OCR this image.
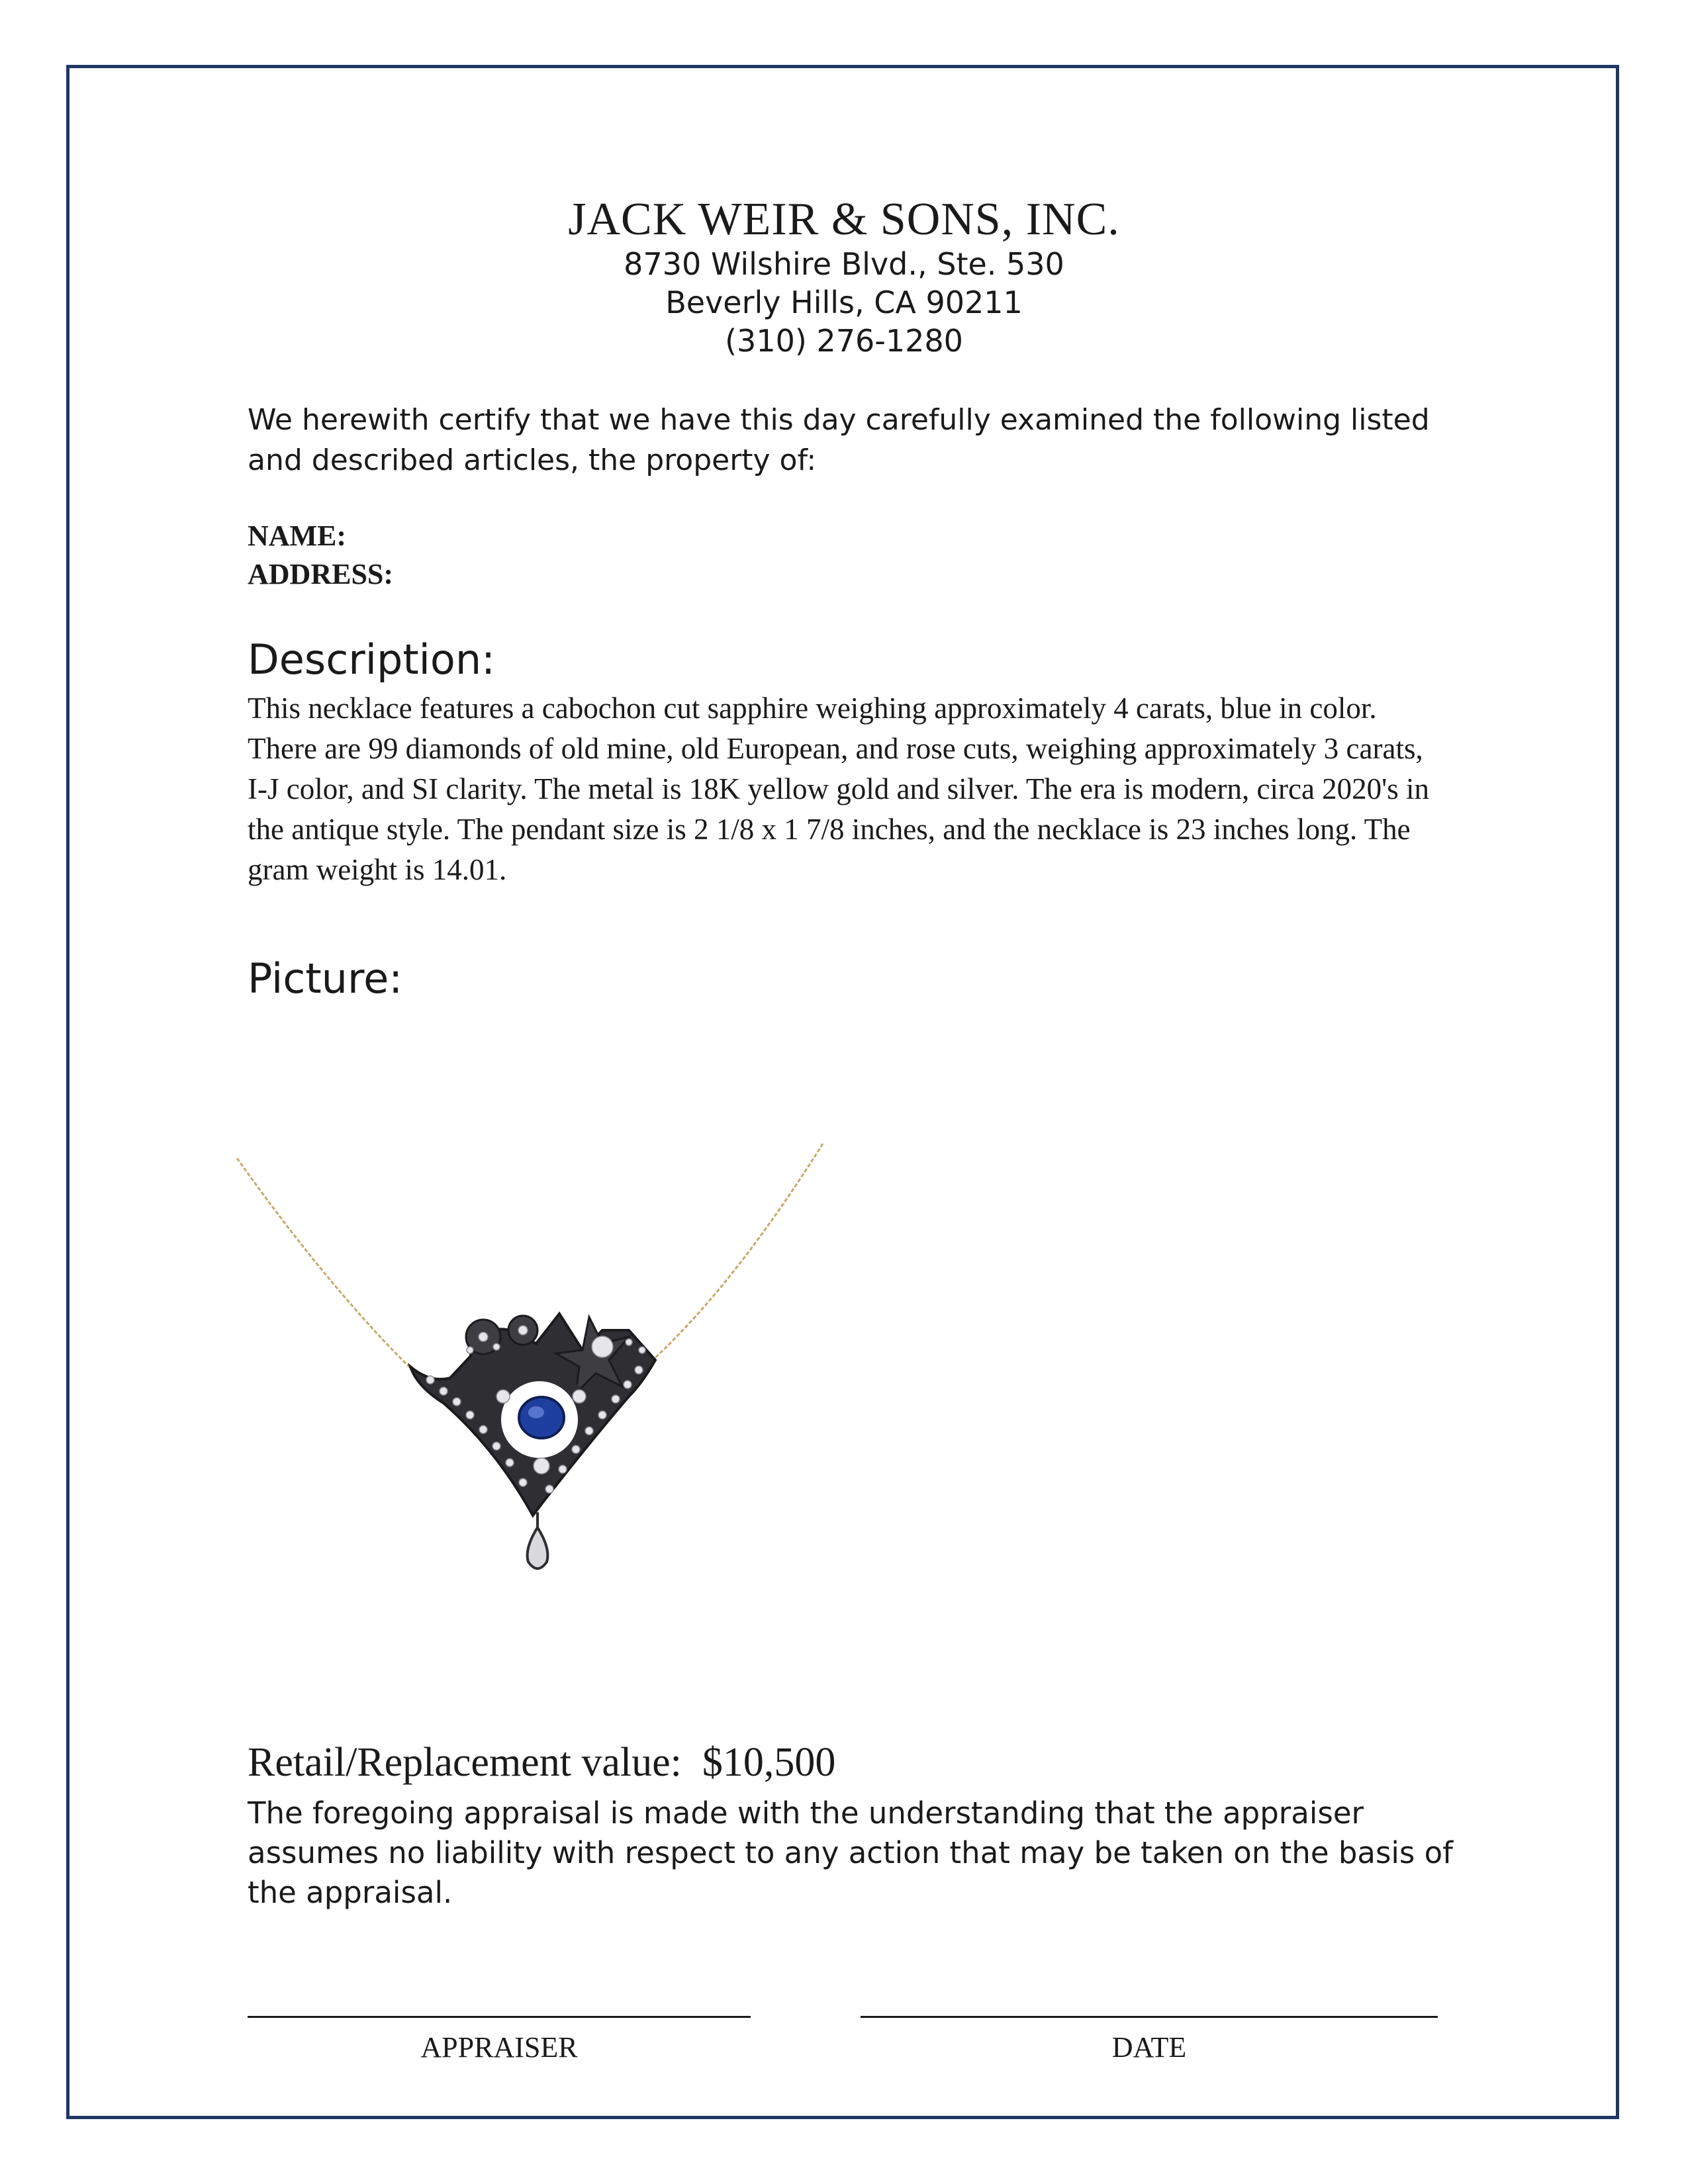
JACK WEIR & SONS, INC.
8730 Wilshire Blvd., Ste. 530
Beverly Hills, CA 90211
(310) 276-1280

We herewith certify that we have this day carefully examined the following listed and described articles, the property of:

NAME:
ADDRESS:
Description:

This necklace features a cabochon cut sapphire weighing approximately 4 carats, blue in color. There are 99 diamonds of old mine, old European, and rose cuts, weighing approximately 3 carats, I-J color, and SI clarity. The metal is 18K yellow gold and silver. The era is modern, circa 2020's in the antique style. The pendant size is 2 1/8 x 1 7/8 inches, and the necklace is 23 inches long. The gram weight is 14.01.

Picture:
Retail/Replacement value: $10,500

The foregoing appraisal is made with the understanding that the appraiser assumes no liability with respect to any action that may be taken on the basis of the appraisal.

APPRAISER	DATE
